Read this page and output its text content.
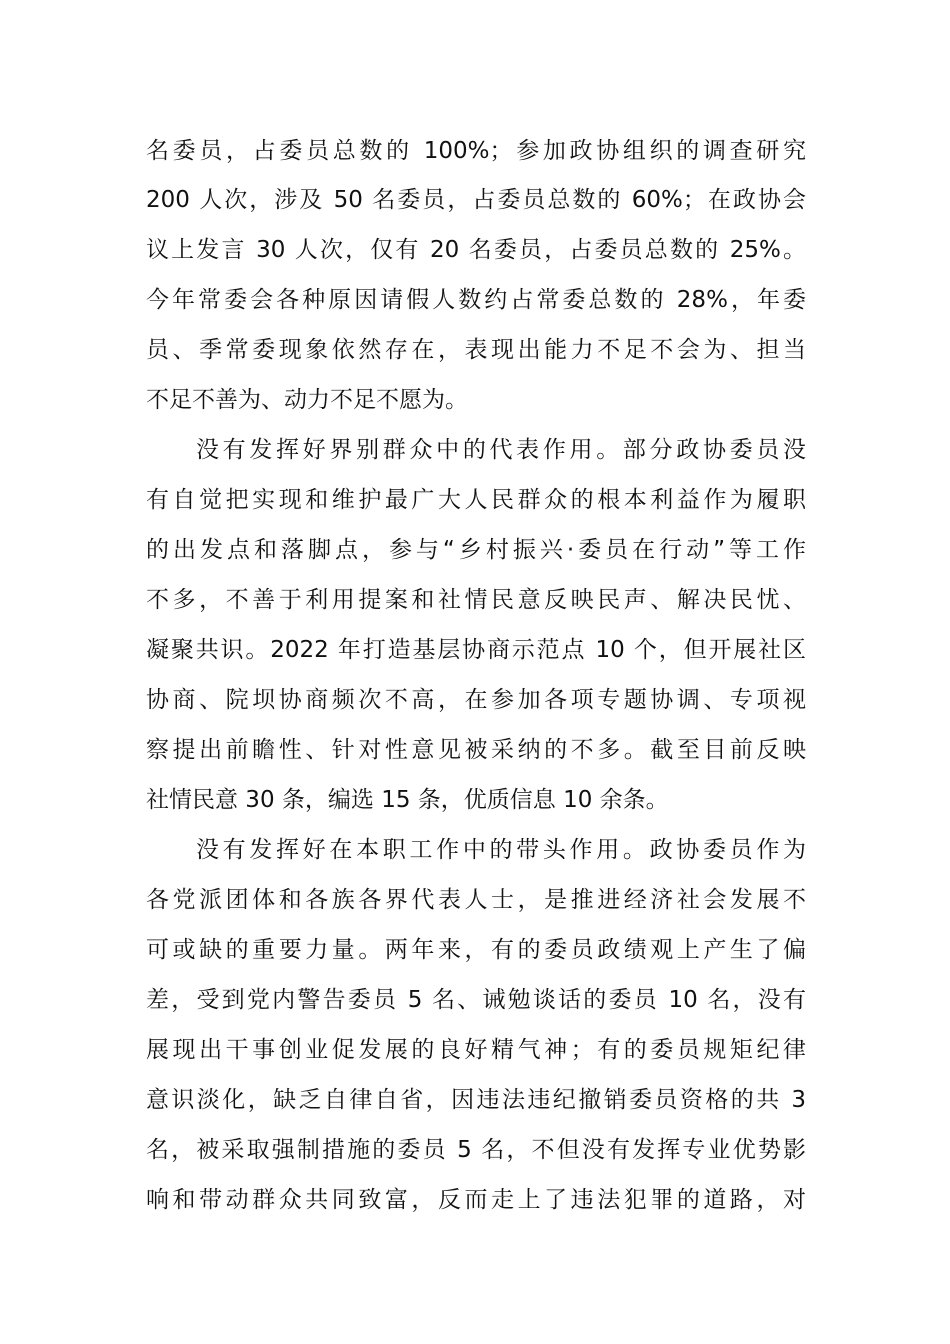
名委员，占委员总数的 100%；参加政协组织的调查研究
200 人次，涉及 50 名委员，占委员总数的 60%；在政协会
议上发言 30 人次，仅有 20 名委员，占委员总数的 25%。
今年常委会各种原因请假人数约占常委总数的 28%，年委
员、季常委现象依然存在，表现出能力不足不会为、担当
不足不善为、动力不足不愿为。
没有发挥好界别群众中的代表作用。部分政协委员没
有自觉把实现和维护最广大人民群众的根本利益作为履职
的出发点和落脚点，参与“乡村振兴·委员在行动”等工作
不多，不善于利用提案和社情民意反映民声、解决民忧、
凝聚共识。2022 年打造基层协商示范点 10 个，但开展社区
协商、院坝协商频次不高，在参加各项专题协调、专项视
察提出前瞻性、针对性意见被采纳的不多。截至目前反映
社情民意 30 条，编选 15 条，优质信息 10 余条。
没有发挥好在本职工作中的带头作用。政协委员作为
各党派团体和各族各界代表人士，是推进经济社会发展不
可或缺的重要力量。两年来，有的委员政绩观上产生了偏
差，受到党内警告委员 5 名、诫勉谈话的委员 10 名，没有
展现出干事创业促发展的良好精气神；有的委员规矩纪律
意识淡化，缺乏自律自省，因违法违纪撤销委员资格的共 3
名，被采取强制措施的委员 5 名，不但没有发挥专业优势影
响和带动群众共同致富，反而走上了违法犯罪的道路，对
